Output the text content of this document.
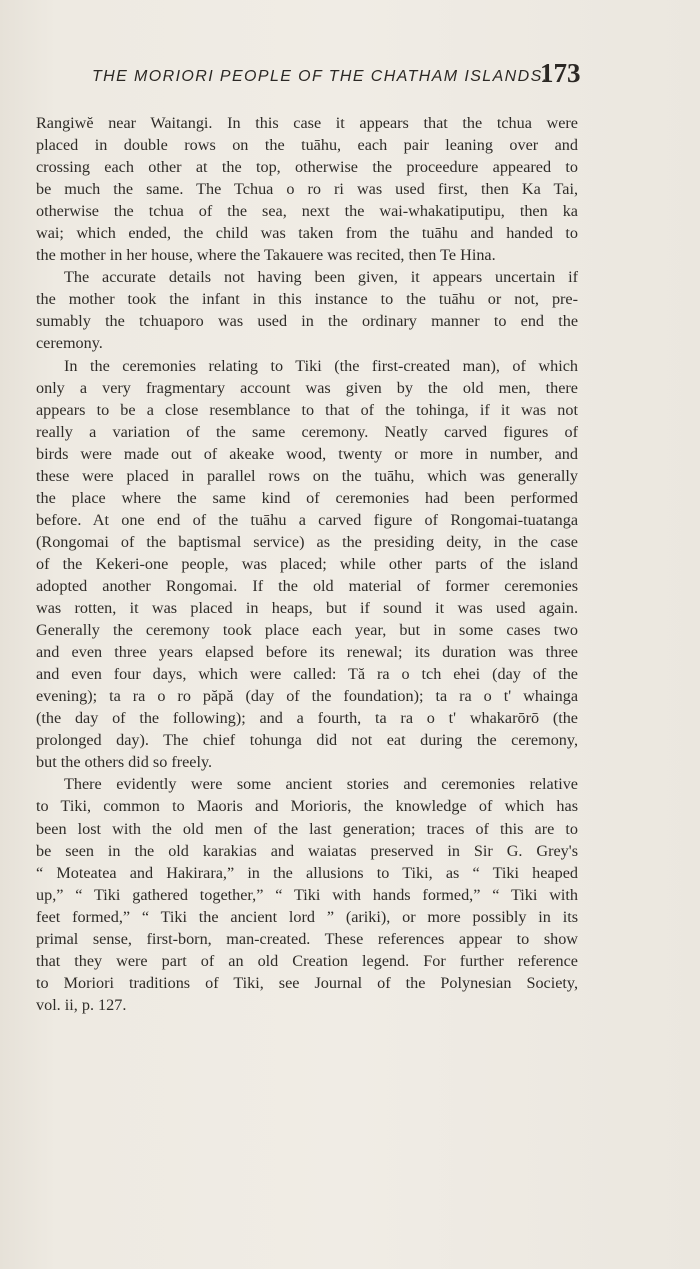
THE MORIORI PEOPLE OF THE CHATHAM ISLANDS.
173
Rangiwĕ near Waitangi. In this case it appears that the tchua were
placed in double rows on the tuāhu, each pair leaning over and
crossing each other at the top, otherwise the proceedure appeared to
be much the same. The Tchua o ro ri was used first, then Ka Tai,
otherwise the tchua of the sea, next the wai-whakatiputipu, then ka
wai; which ended, the child was taken from the tuāhu and handed to
the mother in her house, where the Takauere was recited, then Te Hina.
The accurate details not having been given, it appears uncertain if
the mother took the infant in this instance to the tuāhu or not, pre-
sumably the tchuaporo was used in the ordinary manner to end the
ceremony.
In the ceremonies relating to Tiki (the first-created man), of which
only a very fragmentary account was given by the old men, there
appears to be a close resemblance to that of the tohinga, if it was not
really a variation of the same ceremony. Neatly carved figures of
birds were made out of akeake wood, twenty or more in number, and
these were placed in parallel rows on the tuāhu, which was generally
the place where the same kind of ceremonies had been performed
before. At one end of the tuāhu a carved figure of Rongomai-tuatanga
(Rongomai of the baptismal service) as the presiding deity, in the case
of the Kekeri-one people, was placed; while other parts of the island
adopted another Rongomai. If the old material of former ceremonies
was rotten, it was placed in heaps, but if sound it was used again.
Generally the ceremony took place each year, but in some cases two
and even three years elapsed before its renewal; its duration was three
and even four days, which were called: Tă ra o tch ehei (day of the
evening); ta ra o ro păpă (day of the foundation); ta ra o t' whainga
(the day of the following); and a fourth, ta ra o t' whakarōrō (the
prolonged day). The chief tohunga did not eat during the ceremony,
but the others did so freely.
There evidently were some ancient stories and ceremonies relative
to Tiki, common to Maoris and Morioris, the knowledge of which has
been lost with the old men of the last generation; traces of this are to
be seen in the old karakias and waiatas preserved in Sir G. Grey's
“ Moteatea and Hakirara,” in the allusions to Tiki, as “ Tiki heaped
up,” “ Tiki gathered together,” “ Tiki with hands formed,” “ Tiki with
feet formed,” “ Tiki the ancient lord ” (ariki), or more possibly in its
primal sense, first-born, man-created. These references appear to show
that they were part of an old Creation legend. For further reference
to Moriori traditions of Tiki, see Journal of the Polynesian Society,
vol. ii, p. 127.
